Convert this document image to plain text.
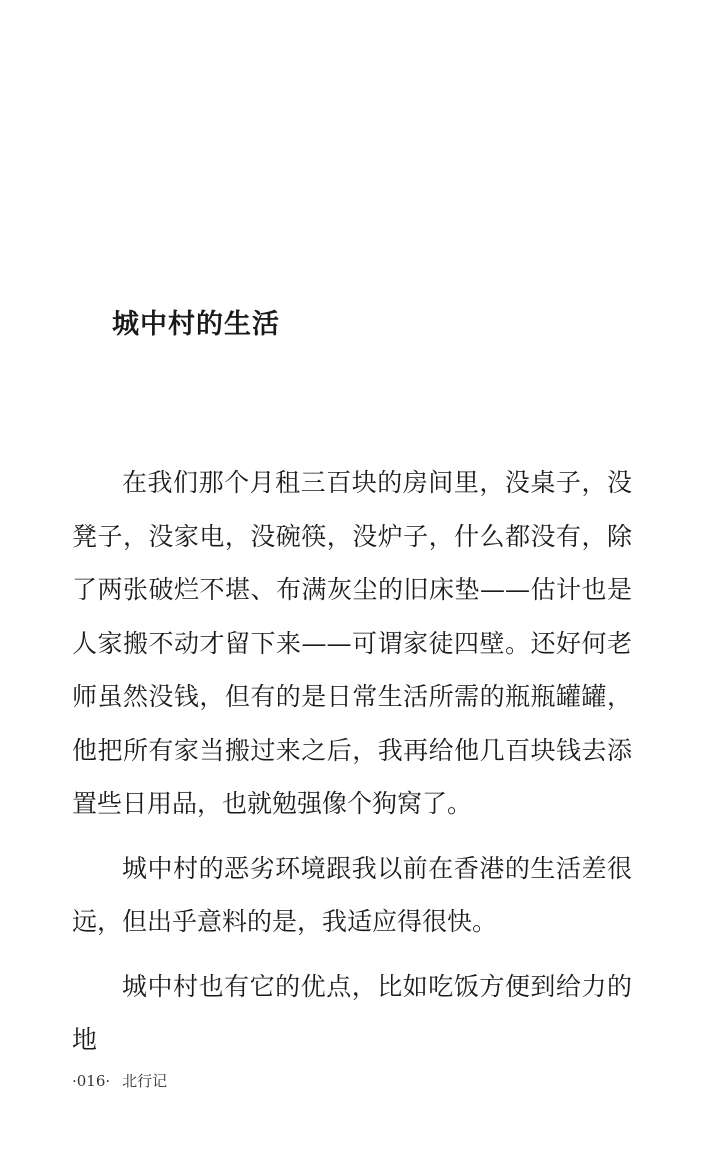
城中村的生活

在我们那个月租三百块的房间里，没桌子，没凳子，没家电，没碗筷，没炉子，什么都没有，除了两张破烂不堪、布满灰尘的旧床垫——估计也是人家搬不动才留下来——可谓家徒四壁。还好何老师虽然没钱，但有的是日常生活所需的瓶瓶罐罐，他把所有家当搬过来之后，我再给他几百块钱去添置些日用品，也就勉强像个狗窝了。

城中村的恶劣环境跟我以前在香港的生活差很远，但出乎意料的是，我适应得很快。

城中村也有它的优点，比如吃饭方便到给力的地

·016· 北行记
